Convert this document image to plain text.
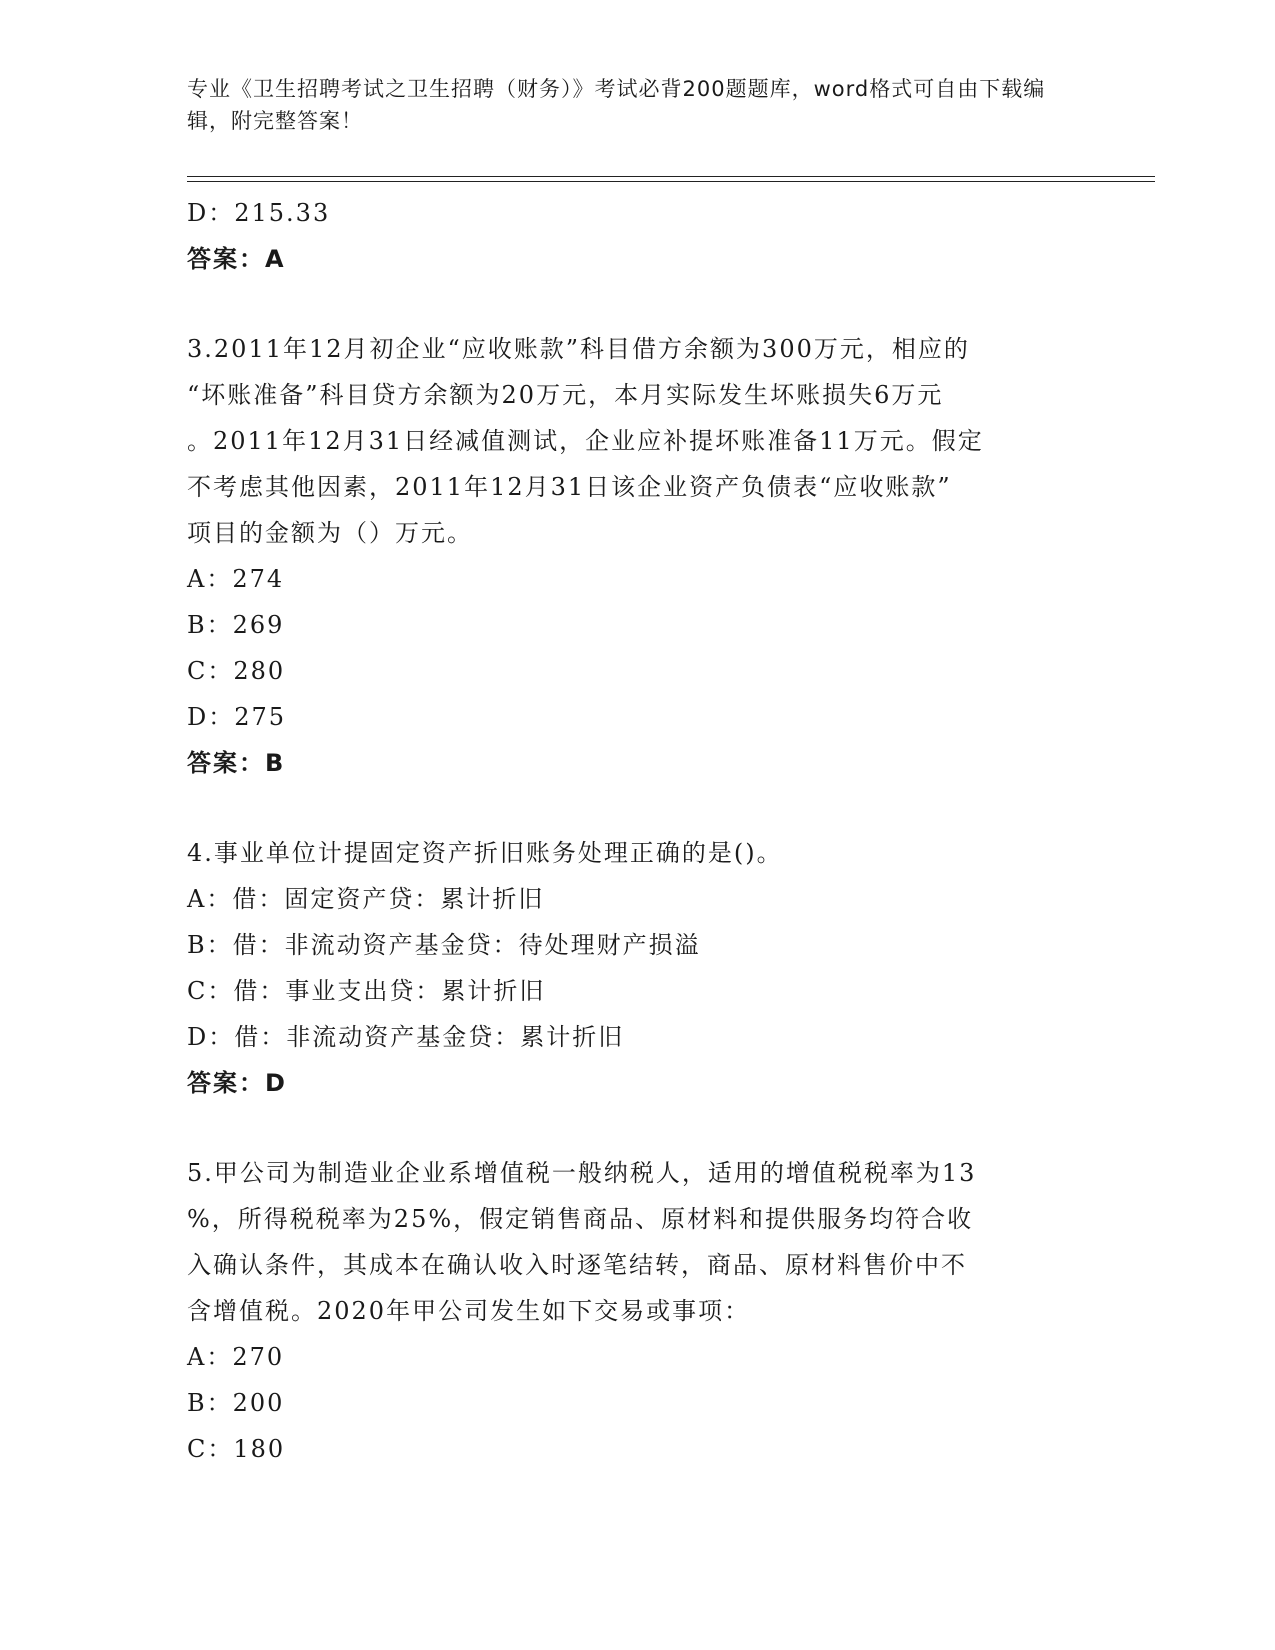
专业《卫生招聘考试之卫生招聘（财务）》考试必背200题题库，word格式可自由下载编辑，附完整答案！
D：215.33
答案：A
3.2011年12月初企业“应收账款”科目借方余额为300万元，相应的
“坏账准备”科目贷方余额为20万元，本月实际发生坏账损失6万元
。2011年12月31日经减值测试，企业应补提坏账准备11万元。假定
不考虑其他因素，2011年12月31日该企业资产负债表“应收账款”
项目的金额为（）万元。
A：274
B：269
C：280
D：275
答案：B
4.事业单位计提固定资产折旧账务处理正确的是()。
A：借：固定资产贷：累计折旧
B：借：非流动资产基金贷：待处理财产损溢
C：借：事业支出贷：累计折旧
D：借：非流动资产基金贷：累计折旧
答案：D
5.甲公司为制造业企业系增值税一般纳税人，适用的增值税税率为13
%，所得税税率为25%，假定销售商品、原材料和提供服务均符合收
入确认条件，其成本在确认收入时逐笔结转，商品、原材料售价中不
含增值税。2020年甲公司发生如下交易或事项：
A：270
B：200
C：180
